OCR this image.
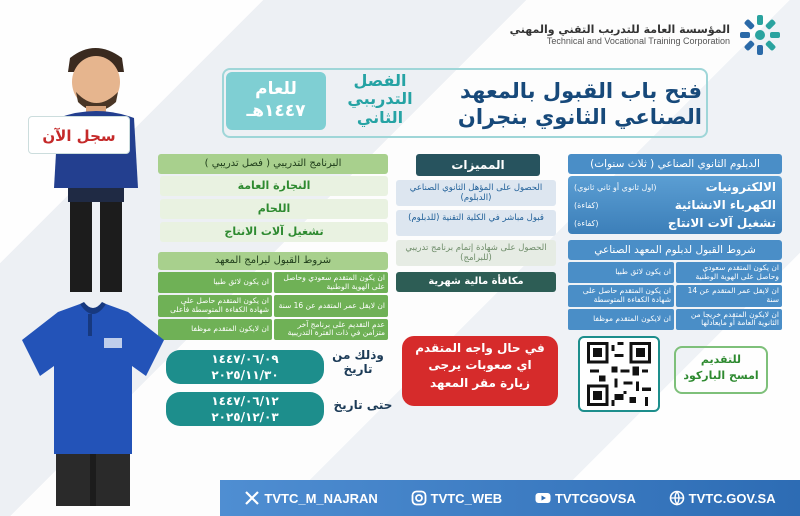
المؤسسة العامة للتدريب التقني والمهني
Technical and Vocational Training Corporation
فتح باب القبول بالمعهد
الصناعي الثانوي بنجران
الفصل
التدريبي
الثاني
للعام
١٤٤٧هـ
سجل الآن
الدبلوم الثانوي الصناعي ( ثلاث سنوات)
الالكترونيات
(اول ثانوي أو ثاني ثانوي)
الكهرباء الانشائية
(كفاءة)
تشغيل آلات الانتاج
(كفاءة)
شروط القبول لدبلوم المعهد الصناعي
ان يكون المتقدم سعودي وحاصل على الهوية الوطنية
ان يكون لائق طبيا
ان لايقل عمر المتقدم عن 14 سنة
ان يكون المتقدم حاصل على شهادة الكفاءة المتوسطة
ان لايكون المتقدم خريجا من الثانوية العامة أو مايعادلها
ان لايكون المتقدم موظفا
المميزات
الحصول على المؤهل الثانوي الصناعي (الدبلوم)
قبول مباشر في الكلية التقنية (للدبلوم)
الحصول على شهادة إتمام برنامج تدريبي (للبرامج)
مكافأة مالية شهرية
البرنامج التدريبي ( فصل تدريبي )
النجارة العامة
اللحام
تشغيل آلات الانتاج
شروط القبول لبرامج المعهد
ان يكون المتقدم سعودي وحاصل على الهوية الوطنية
ان يكون لائق طبيا
ان لايقل عمر المتقدم عن 16 سنة
ان يكون المتقدم حاصل على شهادة الكفاءة المتوسطة فأعلى
عدم التقديم على برنامج آخر متزامن في ذات الفترة التدريبية
ان لايكون المتقدم موظفا
وذلك من
تاريخ
١٤٤٧/٠٦/٠٩
٢٠٢٥/١١/٣٠
حتى تاريخ
١٤٤٧/٠٦/١٢
٢٠٢٥/١٢/٠٣
في حال واجه المتقدم
اي صعوبات يرجى
زيارة مقر المعهد
للتقديم
امسح الباركود
TVTC_M_NAJRAN	TVTC_WEB	TVTCGOVSA	TVTC.GOV.SA
